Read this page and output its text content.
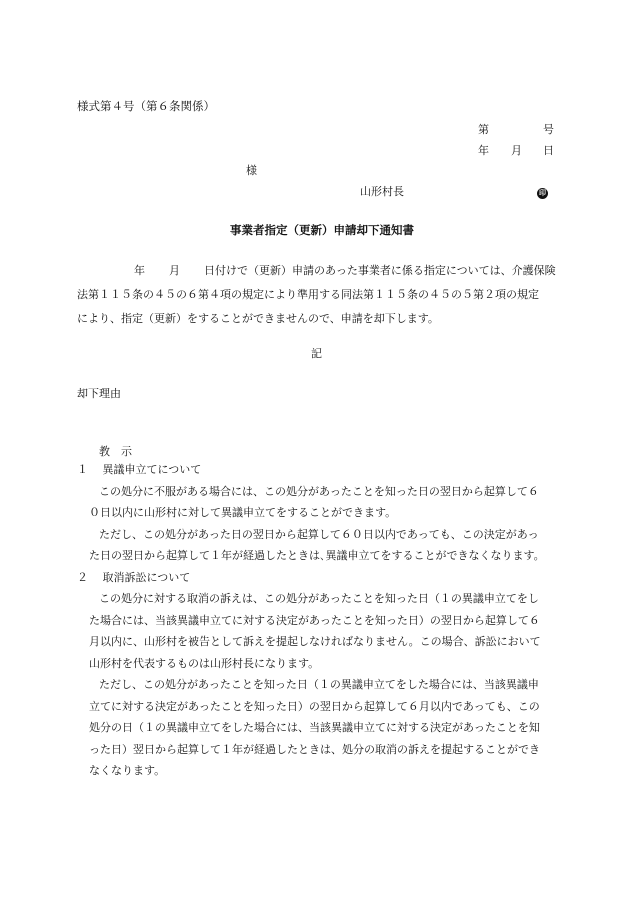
様式第４号（第６条関係）
第	号
年 月 日
様
山形村長	印
事業者指定（更新）申請却下通知書
年 月 日付けで（更新）申請のあった事業者に係る指定については、介護保険
法第１１５条の４５の６第４項の規定により準用する同法第１１５条の４５の５第２項の規定
により、指定（更新）をすることができませんので、申請を却下します。
記
却下理由
教　示
１　 異議申立てについて
この処分に不服がある場合には、この処分があったことを知った日の翌日から起算して６
０日以内に山形村に対して異議申立てをすることができます。
ただし、この処分があった日の翌日から起算して６０日以内であっても、この決定があっ
た日の翌日から起算して１年が経過したときは､異議申立てをすることができなくなります。
２　 取消訴訟について
この処分に対する取消の訴えは、この処分があったことを知った日（１の異議申立てをし
た場合には、当該異議申立てに対する決定があったことを知った日）の翌日から起算して６
月以内に、山形村を被告として訴えを提起しなければなりません。この場合、訴訟において
山形村を代表するものは山形村長になります。
ただし、この処分があったことを知った日（１の異議申立てをした場合には、当該異議申
立てに対する決定があったことを知った日）の翌日から起算して６月以内であっても、この
処分の日（１の異議申立てをした場合には、当該異議申立てに対する決定があったことを知
った日）翌日から起算して１年が経過したときは、処分の取消の訴えを提起することができ
なくなります。
